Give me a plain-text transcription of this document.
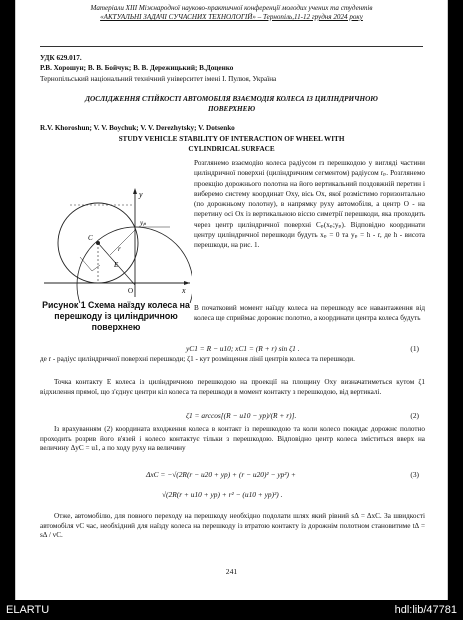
Матеріали XIII Міжнародної науково-практичної конференції молодих учених та студентів
«АКТУАЛЬНІ ЗАДАЧІ СУЧАСНИХ ТЕХНОЛОГІЙ» – Тернопіль,11-12 грудня 2024 року
УДК 629.017.
Р.В. Хорошун; В. В. Бойчук; В. В. Дережицький; В.Доценко
Тернопільський національний технічний університет імені І. Пулюя, Україна
ДОСЛІДЖЕННЯ СТІЙКОСТІ АВТОМОБІЛЯ ВЗАЄМОДІЯ КОЛЕСА ІЗ ЦИЛІНДРИЧНОЮ ПОВЕРХНЕЮ
R.V. Khoroshun; V. V. Boychuk; V. V. Derezhytsky; V. Dotsenko
STUDY VEHICLE STABILITY OF INTERACTION OF WHEEL WITH CYLINDRICAL SURFACE
y
x
yₚ
О
E
r
C
Рисунок 1 Схема наїзду колеса на перешкоду із циліндричною поверхнею
Розглянемо взаємодію колеса радіусом rз перешкодою у вигляді частини циліндричної поверхні (циліндричним сегментом) радіусом rₚ. Розглянемо проекцію дорожнього полотна на його вертикальний поздовжній перетин і виберемо систему координат Oxy, вісь Ox, якої розмістимо горизонтально (по дорожньому полотну), в напрямку руху автомобіля, а центр О - на перетину осі Ox із вертикальною віссю симетрії перешкоди, яка проходить через центр циліндричної поверхні Cₚ(xₚ;yₚ). Відповідно координати центру циліндричної перешкоди будуть xₚ = 0 та yₚ = h - r, де h - висота перешкоди, на рис. 1.
В початковий момент наїзду колеса на перешкоду все навантаження від колеса ще сприймає дорожнє полотно, а координати центра колеса будуть
yC1 = R − u10; xC1 = (R + r) sin ζ1 .	(1)
де r - радіус циліндричної поверхні перешкоди; ζ1 - кут розміщення лінії центрів колеса та перешкоди.
Точка контакту E колеса із циліндричною перешкодою на проекції на площину Oxy визначатиметься кутом ζ1 відхилення прямої, що з'єднує центри кіл колеса та перешкоди в момент контакту з перешкодою, від вертикалі.
ζ1 = arccos[(R − u10 − yp)/(R + r)].	(2)
Із врахуванням (2) координата входження колеса в контакт із перешкодою та коли колесо покидає дорожнє полотно проходить розрив його в'язей і колесо контактує тільки з перешкодою. Відповідно центр колеса зміститься вверх на величину ΔyC = u1, а по ходу руху на величину
ΔxC = −√(2R(r − u20 + yp) + (r − u20)² − yp²) +
√(2R(r + u10 + yp) + r² − (u10 + yp)²) .
(3)
Отже, автомобілю, для повного переходу на перешкоду необхідно подолати шлях який рівний sΔ = ΔxC. За швидкості автомобіля vC час, необхідний для наїзду колеса на перешкоду із втратою контакту із дорожнім полотном становитиме tΔ = sΔ / vC.
241
ELARTU	hdl:lib/47781
